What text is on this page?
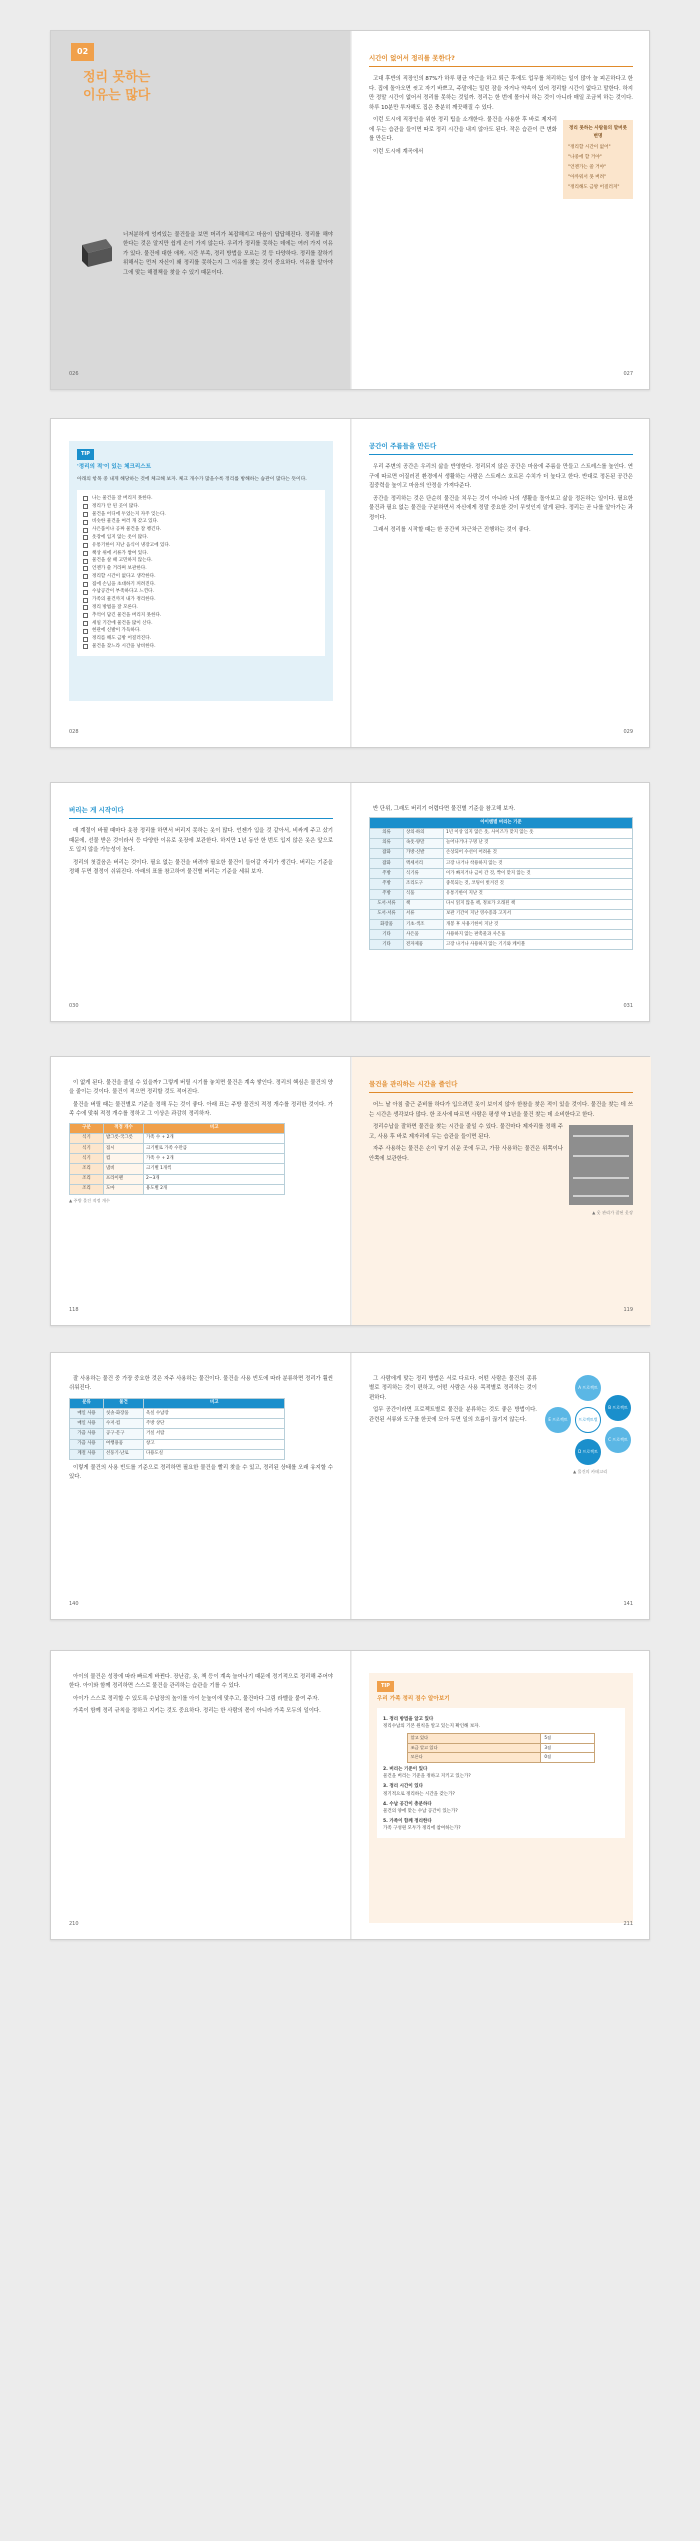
02
정리 못하는
이유는 많다

너저분하게 엉켜있는 물건들을 보면 머리가 복잡해지고 마음이 답답해진다. 정리를 해야 한다는 것은 알지만 쉽게 손이 가지 않는다. 우리가 정리를 못하는 데에는 여러 가지 이유가 있다. 물건에 대한 애착, 시간 부족, 정리 방법을 모르는 것 등 다양하다. 정리를 잘하기 위해서는 먼저 자신이 왜 정리를 못하는지 그 이유를 찾는 것이 중요하다. 이유를 알아야 그에 맞는 해결책을 찾을 수 있기 때문이다.

026
시간이 없어서 정리를 못한다?

고대 후반의 직장인의 87%가 하루 평균 야근을 하고 퇴근 후에도 업무를 처리하는 일이 많아 늘 피곤하다고 한다. 집에 돌아오면 씻고 자기 바쁘고, 주말에는 밀린 잠을 자거나 약속이 있어 정리할 시간이 없다고 말한다. 하지만 정말 시간이 없어서 정리를 못하는 것일까. 정리는 한 번에 몰아서 하는 것이 아니라 매일 조금씩 하는 것이다. 하루 10분만 투자해도 집은 충분히 깨끗해질 수 있다.

정리 못하는 사람들의 말버릇 변명
"정리할 시간이 없어"
"나중에 할 거야"
"언젠가는 쓸 거야"
"아까워서 못 버려"
"정리해도 금방 어질러져"

이런 도시에 직장인을 위한 정리 팁을 소개한다. 물건을 사용한 후 바로 제자리에 두는 습관을 들이면 따로 정리 시간을 내지 않아도 된다. 작은 습관이 큰 변화를 만든다.

이런 도시에 계곡에서

027
TIP
'정리의 적'이 있는 체크리스트
아래의 항목 중 내게 해당하는 것에 체크해 보자. 체크 개수가 많을수록 정리를 방해하는 습관이 많다는 뜻이다.
나는 물건을 잘 버리지 못한다.
정리가 안 된 곳이 많다.
물건을 어디에 두었는지 자주 잊는다.
비슷한 물건을 여러 개 갖고 있다.
사은품이나 공짜 물건을 잘 챙긴다.
옷장에 입지 않는 옷이 많다.
유통기한이 지난 음식이 냉장고에 있다.
책상 위에 서류가 쌓여 있다.
물건을 살 때 고민하지 않는다.
언젠가 쓸 거라며 보관한다.
정리할 시간이 없다고 생각한다.
집에 손님을 초대하기 꺼려진다.
수납공간이 부족하다고 느낀다.
가족의 물건까지 내가 정리한다.
정리 방법을 잘 모른다.
추억이 담긴 물건을 버리지 못한다.
세일 기간에 물건을 많이 산다.
현관에 신발이 가득하다.
정리를 해도 금방 어질러진다.
물건을 찾느라 시간을 낭비한다.
028
공간이 주름들을 만든다

우리 주변의 공간은 우리의 삶을 반영한다. 정리되지 않은 공간은 마음에 주름을 만들고 스트레스를 높인다. 연구에 따르면 어질러진 환경에서 생활하는 사람은 스트레스 호르몬 수치가 더 높다고 한다. 반대로 정돈된 공간은 집중력을 높이고 마음의 안정을 가져다준다.

공간을 정리하는 것은 단순히 물건을 치우는 것이 아니라 나의 생활을 돌아보고 삶을 정돈하는 일이다. 필요한 물건과 필요 없는 물건을 구분하면서 자신에게 정말 중요한 것이 무엇인지 알게 된다. 정리는 곧 나를 알아가는 과정이다.

그래서 정리를 시작할 때는 한 공간씩 차근차근 진행하는 것이 좋다.

029
버리는 게 시작이다

매 계절이 바뀔 때마다 옷장 정리를 하면서 버리지 못하는 옷이 많다. 언젠가 입을 것 같아서, 비싸게 주고 샀기 때문에, 선물 받은 것이라서 등 다양한 이유로 옷장에 보관한다. 하지만 1년 동안 한 번도 입지 않은 옷은 앞으로도 입지 않을 가능성이 높다.

정리의 첫걸음은 버리는 것이다. 필요 없는 물건을 버려야 필요한 물건이 들어갈 자리가 생긴다. 버리는 기준을 정해 두면 결정이 쉬워진다. 아래의 표를 참고하여 물건별 버리는 기준을 세워 보자.

030

반 단위, 그래도 버리기 어렵다면 물건별 기준을 참고해 보자.

아이템별 버리는 기준		
의류	상의·하의	1년 이상 입지 않은 옷, 사이즈가 맞지 않는 옷
의류	속옷·양말	늘어나거나 구멍 난 것
잡화	가방·신발	손상되어 수선이 어려운 것
잡화	액세서리	고장 나거나 착용하지 않는 것
주방	식기류	이가 빠지거나 금이 간 것, 짝이 맞지 않는 것
주방	조리도구	중복되는 것, 코팅이 벗겨진 것
주방	식품	유통기한이 지난 것
도서·서류	책	다시 읽지 않을 책, 정보가 오래된 책
도서·서류	서류	보관 기간이 지난 영수증과 고지서
화장품	기초·색조	개봉 후 사용기한이 지난 것
기타	사은품	사용하지 않는 판촉물과 사은품
기타	전자제품	고장 나거나 사용하지 않는 기기와 케이블
031

이 없게 된다. 물건을 줄일 수 있을까? 그렇게 버릴 시기를 놓치면 물건은 계속 쌓인다. 정리의 핵심은 물건의 양을 줄이는 것이다. 물건이 적으면 정리할 것도 적어진다.

물건을 버릴 때는 물건별로 기준을 정해 두는 것이 좋다. 아래 표는 주방 물건의 적정 개수를 정리한 것이다. 가족 수에 맞춰 적정 개수를 정하고 그 이상은 과감히 정리하자.

구분	적정 개수	비고
식기	밥그릇·국그릇	가족 수 + 2개
식기	접시	크기별로 가족 수만큼
식기	컵	가족 수 + 2개
조리	냄비	크기별 1개씩
조리	프라이팬	2~3개
조리	도마	용도별 2개
▲ 주방 물건 적정 개수
118
물건을 관리하는 시간을 줄인다

어느 날 아침 출근 준비를 하다가 입으려던 옷이 보이지 않아 한참을 찾은 적이 있을 것이다. 물건을 찾는 데 쓰는 시간은 생각보다 많다. 한 조사에 따르면 사람은 평생 약 1년을 물건 찾는 데 소비한다고 한다.

정리수납을 잘하면 물건을 찾는 시간을 줄일 수 있다. 물건마다 제자리를 정해 주고, 사용 후 바로 제자리에 두는 습관을 들이면 된다.

자주 사용하는 물건은 손이 닿기 쉬운 곳에 두고, 가끔 사용하는 물건은 위쪽이나 안쪽에 보관한다.

▲ 옷 관리가 잘된 옷장
119

잘 사용하는 물건 중 가장 중요한 것은 자주 사용하는 물건이다. 물건을 사용 빈도에 따라 분류하면 정리가 훨씬 쉬워진다.

분류	물건	비고
매일 사용	칫솔·화장품	욕실 수납장
매일 사용	수저·컵	주방 상단
가끔 사용	공구·문구	거실 서랍
가끔 사용	여행용품	창고
계절 사용	선풍기·난로	다용도실

이렇게 물건의 사용 빈도를 기준으로 정리하면 필요한 물건을 빨리 찾을 수 있고, 정리된 상태를 오래 유지할 수 있다.

140
A 프로젝트
B 프로젝트
C 프로젝트
D 프로젝트
프로젝트별
E 프로젝트
▲ 물건의 카테고리

그 사람에게 맞는 정리 방법은 서로 다르다. 어떤 사람은 물건의 종류별로 정리하는 것이 편하고, 어떤 사람은 사용 목적별로 정리하는 것이 편하다.

업무 공간이라면 프로젝트별로 물건을 분류하는 것도 좋은 방법이다. 관련된 서류와 도구를 한곳에 모아 두면 일의 흐름이 끊기지 않는다.

141

아이의 물건은 성장에 따라 빠르게 바뀐다. 장난감, 옷, 책 등이 계속 늘어나기 때문에 정기적으로 정리해 주어야 한다. 아이와 함께 정리하면 스스로 물건을 관리하는 습관을 기를 수 있다.

아이가 스스로 정리할 수 있도록 수납장의 높이를 아이 눈높이에 맞추고, 물건마다 그림 라벨을 붙여 주자.

가족이 함께 정리 규칙을 정하고 지키는 것도 중요하다. 정리는 한 사람의 몫이 아니라 가족 모두의 일이다.

210
TIP
우리 가족 정리 점수 알아보기
1. 정리 방법을 알고 있다
정리수납의 기본 원칙을 알고 있는지 확인해 보자.
알고 있다	5점
조금 알고 있다	3점
모른다	0점
2. 버리는 기준이 있다
물건을 버리는 기준을 정하고 지키고 있는가?
3. 정리 시간이 있다
정기적으로 정리하는 시간을 갖는가?
4. 수납 공간이 충분하다
물건의 양에 맞는 수납 공간이 있는가?
5. 가족이 함께 정리한다
가족 구성원 모두가 정리에 참여하는가?
211
